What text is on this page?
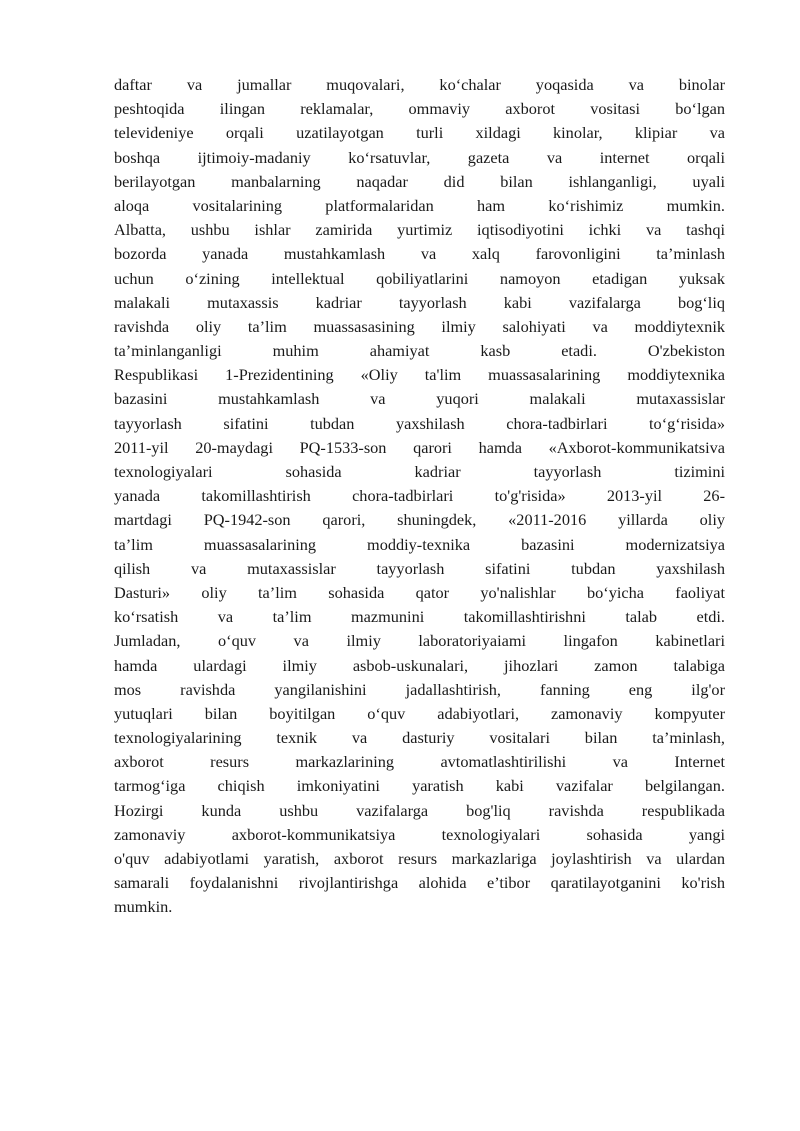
daftar va jumallar muqovalari, ko‘chalar yoqasida va binolar
peshtoqida ilingan reklamalar, ommaviy axborot vositasi bo‘lgan
televideniye orqali uzatilayotgan turli xildagi kinolar, klipiar va
boshqa ijtimoiy-madaniy ko‘rsatuvlar, gazeta va internet orqali
berilayotgan manbalarning naqadar did bilan ishlanganligi, uyali
aloqa vositalarining platformalaridan ham ko‘rishimiz mumkin.
Albatta, ushbu ishlar zamirida yurtimiz iqtisodiyotini ichki va tashqi
bozorda yanada mustahkamlash va xalq farovonligini ta’minlash
uchun o‘zining intellektual qobiliyatlarini namoyon etadigan yuksak
malakali mutaxassis kadriar tayyorlash kabi vazifalarga bog‘liq
ravishda oliy ta’lim muassasasining ilmiy salohiyati va moddiytexnik
ta’minlanganligi muhim ahamiyat kasb etadi. O'zbekiston
Respublikasi 1-Prezidentining «Oliy ta'lim muassasalarining moddiytexnika
bazasini mustahkamlash va yuqori malakali mutaxassislar
tayyorlash sifatini tubdan yaxshilash chora-tadbirlari to‘g‘risida»
2011-yil 20-maydagi PQ-1533-son qarori hamda «Axborot-kommunikatsiva
texnologiyalari sohasida kadriar tayyorlash tizimini
yanada takomillashtirish chora-tadbirlari to'g'risida» 2013-yil 26-
martdagi PQ-1942-son qarori, shuningdek, «2011-2016 yillarda oliy
ta’lim muassasalarining moddiy-texnika bazasini modernizatsiya
qilish va mutaxassislar tayyorlash sifatini tubdan yaxshilash
Dasturi» oliy ta’lim sohasida qator yo'nalishlar bo‘yicha faoliyat
ko‘rsatish va ta’lim mazmunini takomillashtirishni talab etdi.
Jumladan, o‘quv va ilmiy laboratoriyaiami lingafon kabinetlari
hamda ulardagi ilmiy asbob-uskunalari, jihozlari zamon talabiga
mos ravishda yangilanishini jadallashtirish, fanning eng ilg'or
yutuqlari bilan boyitilgan o‘quv adabiyotlari, zamonaviy kompyuter
texnologiyalarining texnik va dasturiy vositalari bilan ta’minlash,
axborot resurs markazlarining avtomatlashtirilishi va Internet
tarmog‘iga chiqish imkoniyatini yaratish kabi vazifalar belgilangan.
Hozirgi kunda ushbu vazifalarga bog'liq ravishda respublikada
zamonaviy axborot-kommunikatsiya texnologiyalari sohasida yangi
o'quv adabiyotlami yaratish, axborot resurs markazlariga joylashtirish va ulardan
samarali foydalanishni rivojlantirishga alohida e’tibor qaratilayotganini ko'rish
mumkin.
